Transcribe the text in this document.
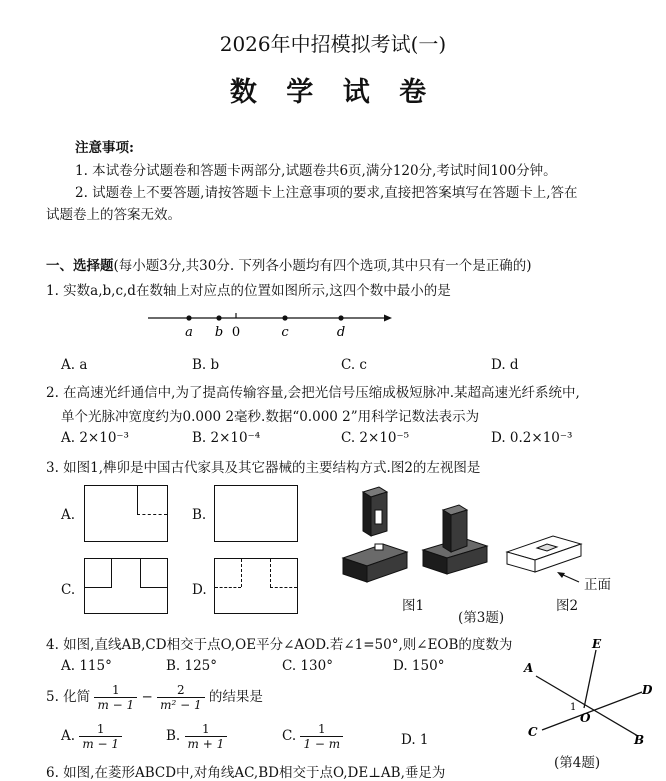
2026年中招模拟考试(一)
数 学 试 卷
注意事项:
1. 本试卷分试题卷和答题卡两部分,试题卷共6页,满分120分,考试时间100分钟。
2. 试题卷上不要答题,请按答题卡上注意事项的要求,直接把答案填写在答题卡上,答在
试题卷上的答案无效。
一、选择题(每小题3分,共30分. 下列各小题均有四个选项,其中只有一个是正确的)
1. 实数a,b,c,d在数轴上对应点的位置如图所示,这四个数中最小的是
a b 0	c	d
A. a	B. b	C. c	D. d
2. 在高速光纤通信中,为了提高传输容量,会把光信号压缩成极短脉冲.某超高速光纤系统中,
单个光脉冲宽度约为0.000 2毫秒.数据“0.000 2”用科学记数法表示为
A. 2×10⁻³	B. 2×10⁻⁴	C. 2×10⁻⁵	D. 0.2×10⁻³
3. 如图1,榫卯是中国古代家具及其它器械的主要结构方式.图2的左视图是
A.	B.
C.	D.	正面
图1	图2
(第3题)
4. 如图,直线AB,CD相交于点O,OE平分∠AOD.若∠1=50°,则∠EOB的度数为
A. 115°	B. 125°	C. 130°	D. 150°
E
A
D
O
C
B
1
(第4题)
5. 化简 $\frac{1}{m - 1} - \frac{2}{\text{m² − 1}}$ 的结果是
A. $\frac{1}{m - 1}$	B. $\frac{1}{m + 1}$	C. $\frac{1}{1 - m}$	D. 1
6. 如图,在菱形ABCD中,对角线AC,BD相交于点O,DE⊥AB,垂足为
